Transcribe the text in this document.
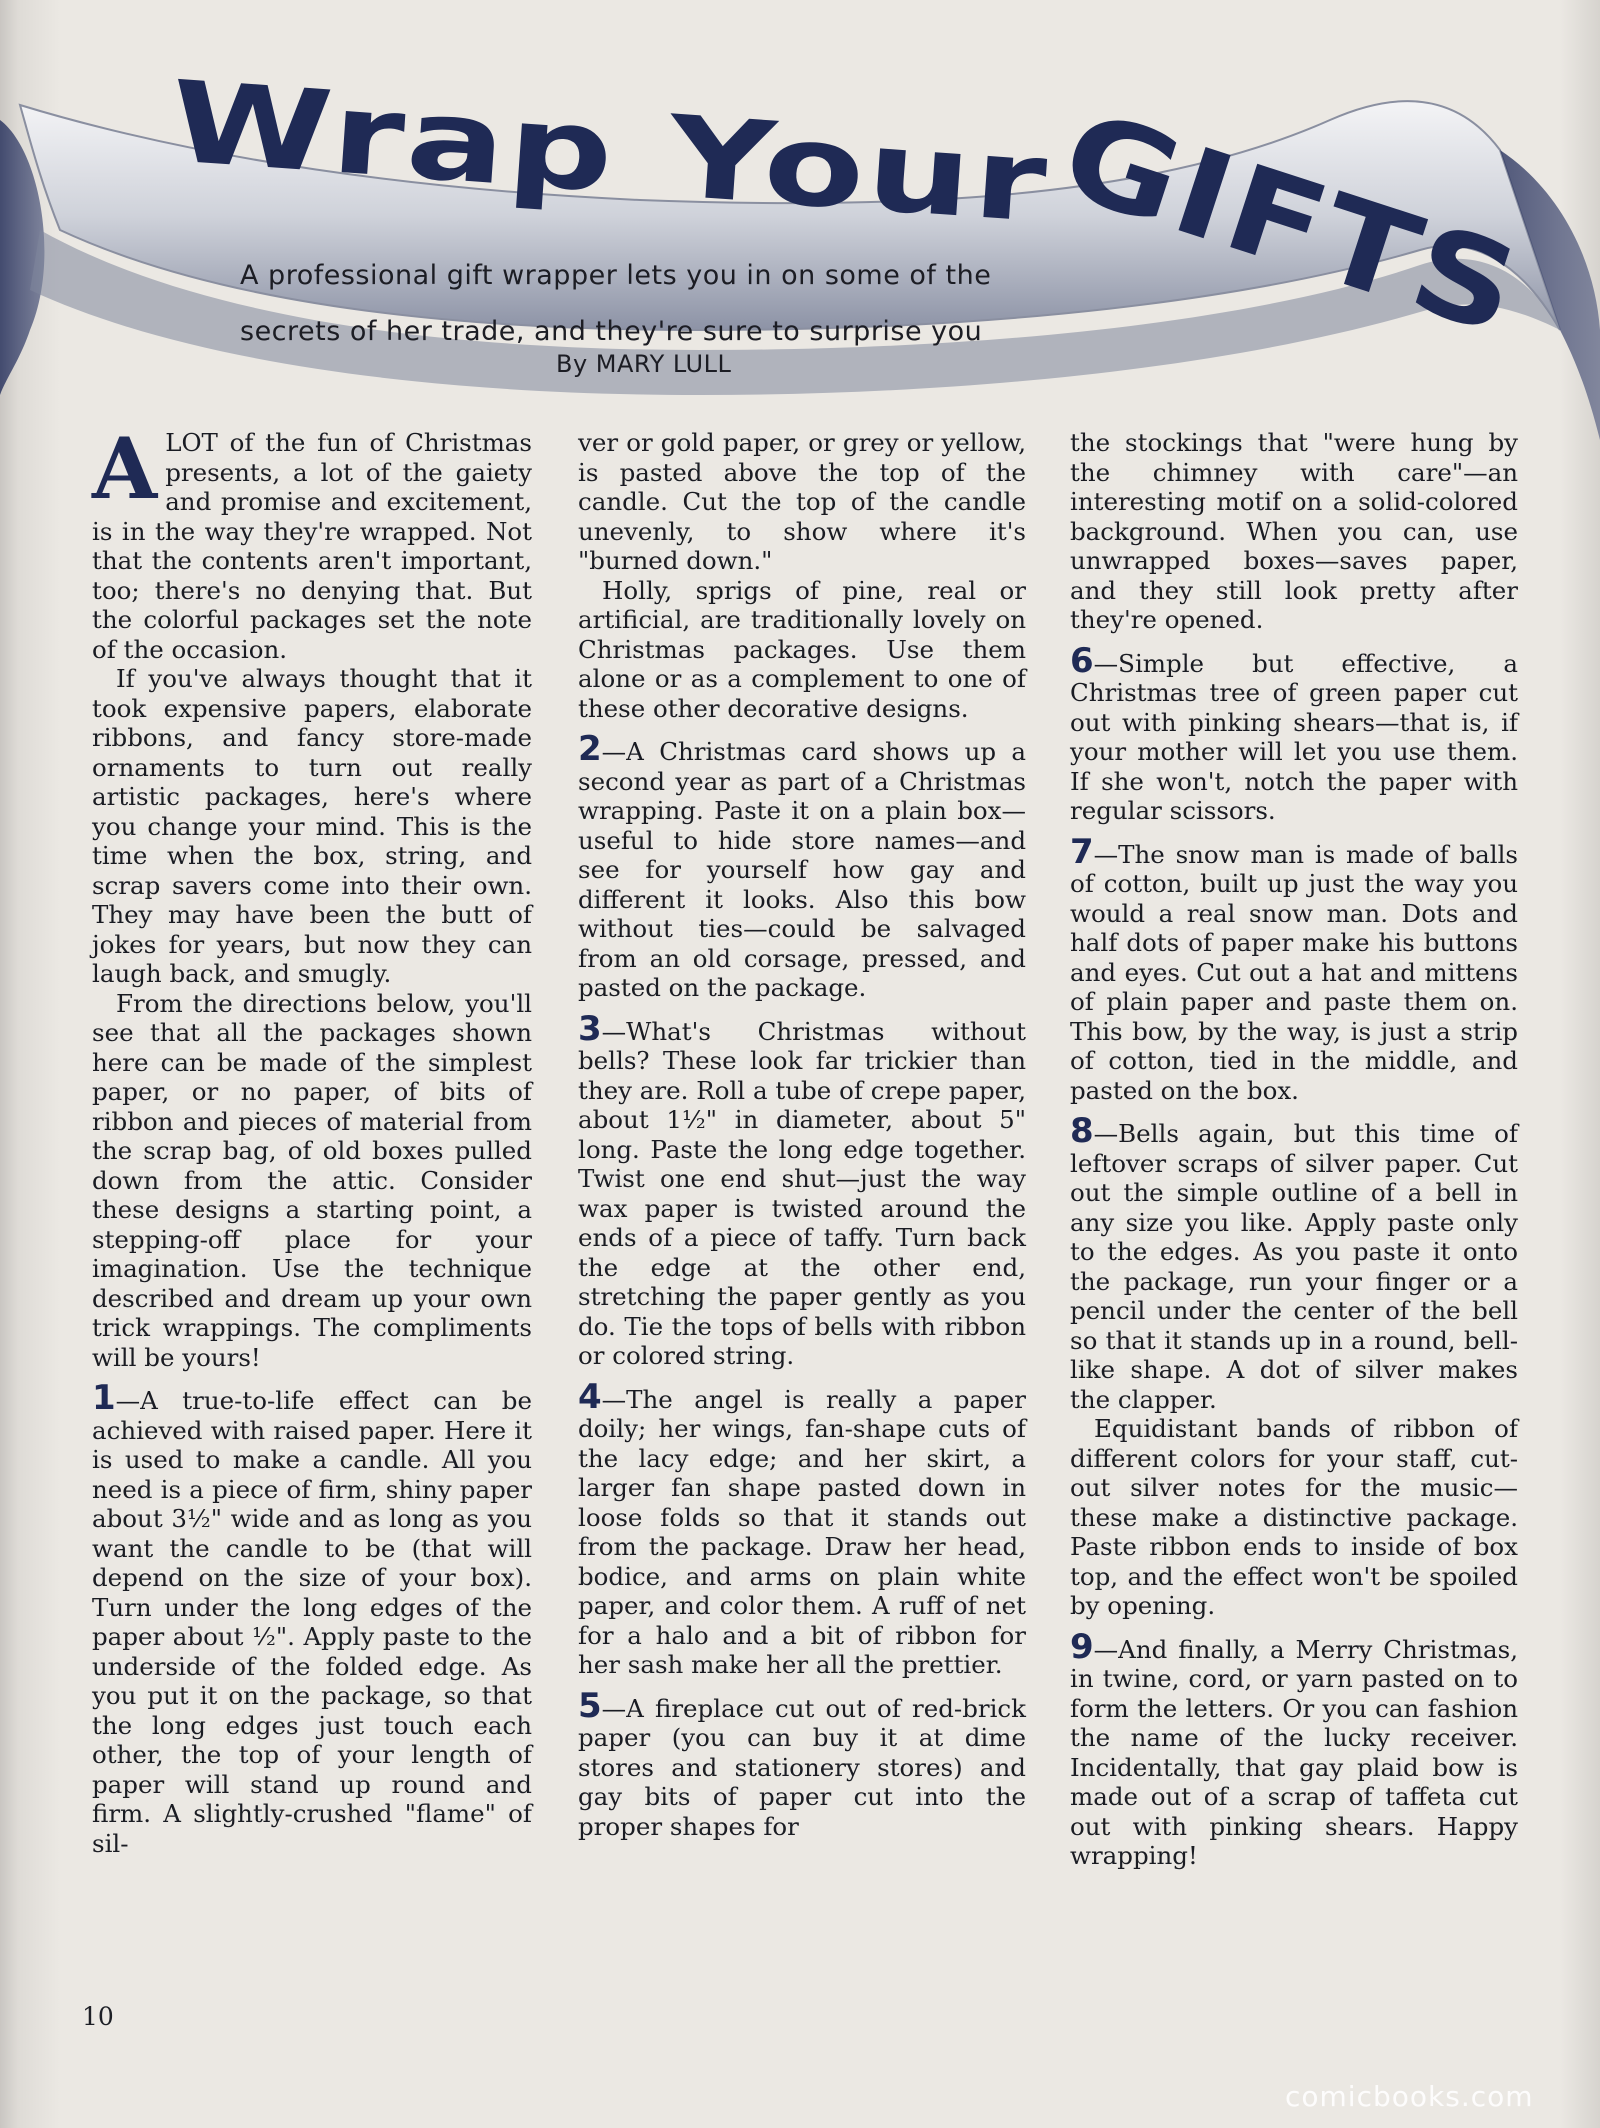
Wrap Your	GIFTS
A professional gift wrapper lets you in on some of the
secrets of her trade, and they're sure to surprise you
By MARY LULL

ALOT of the fun of Christmas presents, a lot of the gaiety and promise and excitement, is in the way they're wrapped. Not that the contents aren't important, too; there's no denying that. But the colorful packages set the note of the occasion.

If you've always thought that it took expensive papers, elaborate ribbons, and fancy store-made ornaments to turn out really artistic packages, here's where you change your mind. This is the time when the box, string, and scrap savers come into their own. They may have been the butt of jokes for years, but now they can laugh back, and smugly.

From the directions below, you'll see that all the packages shown here can be made of the simplest paper, or no paper, of bits of ribbon and pieces of material from the scrap bag, of old boxes pulled down from the attic. Consider these designs a starting point, a stepping-off place for your imagination. Use the technique described and dream up your own trick wrappings. The compliments will be yours!

1—A true-to-life effect can be achieved with raised paper. Here it is used to make a candle. All you need is a piece of firm, shiny paper about 3½" wide and as long as you want the candle to be (that will depend on the size of your box). Turn under the long edges of the paper about ½". Apply paste to the underside of the folded edge. As you put it on the package, so that the long edges just touch each other, the top of your length of paper will stand up round and firm. A slightly-crushed "flame" of sil-

ver or gold paper, or grey or yellow, is pasted above the top of the candle. Cut the top of the candle unevenly, to show where it's "burned down."

Holly, sprigs of pine, real or artificial, are traditionally lovely on Christmas packages. Use them alone or as a complement to one of these other decorative designs.

2—A Christmas card shows up a second year as part of a Christmas wrapping. Paste it on a plain box—useful to hide store names—and see for yourself how gay and different it looks. Also this bow without ties—could be salvaged from an old corsage, pressed, and pasted on the package.

3—What's Christmas without bells? These look far trickier than they are. Roll a tube of crepe paper, about 1½" in diameter, about 5" long. Paste the long edge together. Twist one end shut—just the way wax paper is twisted around the ends of a piece of taffy. Turn back the edge at the other end, stretching the paper gently as you do. Tie the tops of bells with ribbon or colored string.

4—The angel is really a paper doily; her wings, fan-shape cuts of the lacy edge; and her skirt, a larger fan shape pasted down in loose folds so that it stands out from the package. Draw her head, bodice, and arms on plain white paper, and color them. A ruff of net for a halo and a bit of ribbon for her sash make her all the prettier.

5—A fireplace cut out of red-brick paper (you can buy it at dime stores and stationery stores) and gay bits of paper cut into the proper shapes for

the stockings that "were hung by the chimney with care"—an interesting motif on a solid-colored background. When you can, use unwrapped boxes—saves paper, and they still look pretty after they're opened.

6—Simple but effective, a Christmas tree of green paper cut out with pinking shears—that is, if your mother will let you use them. If she won't, notch the paper with regular scissors.

7—The snow man is made of balls of cotton, built up just the way you would a real snow man. Dots and half dots of paper make his buttons and eyes. Cut out a hat and mittens of plain paper and paste them on. This bow, by the way, is just a strip of cotton, tied in the middle, and pasted on the box.

8—Bells again, but this time of leftover scraps of silver paper. Cut out the simple outline of a bell in any size you like. Apply paste only to the edges. As you paste it onto the package, run your finger or a pencil under the center of the bell so that it stands up in a round, bell-like shape. A dot of silver makes the clapper.

Equidistant bands of ribbon of different colors for your staff, cut-out silver notes for the music—these make a distinctive package. Paste ribbon ends to inside of box top, and the effect won't be spoiled by opening.

9—And finally, a Merry Christmas, in twine, cord, or yarn pasted on to form the letters. Or you can fashion the name of the lucky receiver. Incidentally, that gay plaid bow is made out of a scrap of taffeta cut out with pinking shears. Happy wrapping!

10
comicbooks.com
